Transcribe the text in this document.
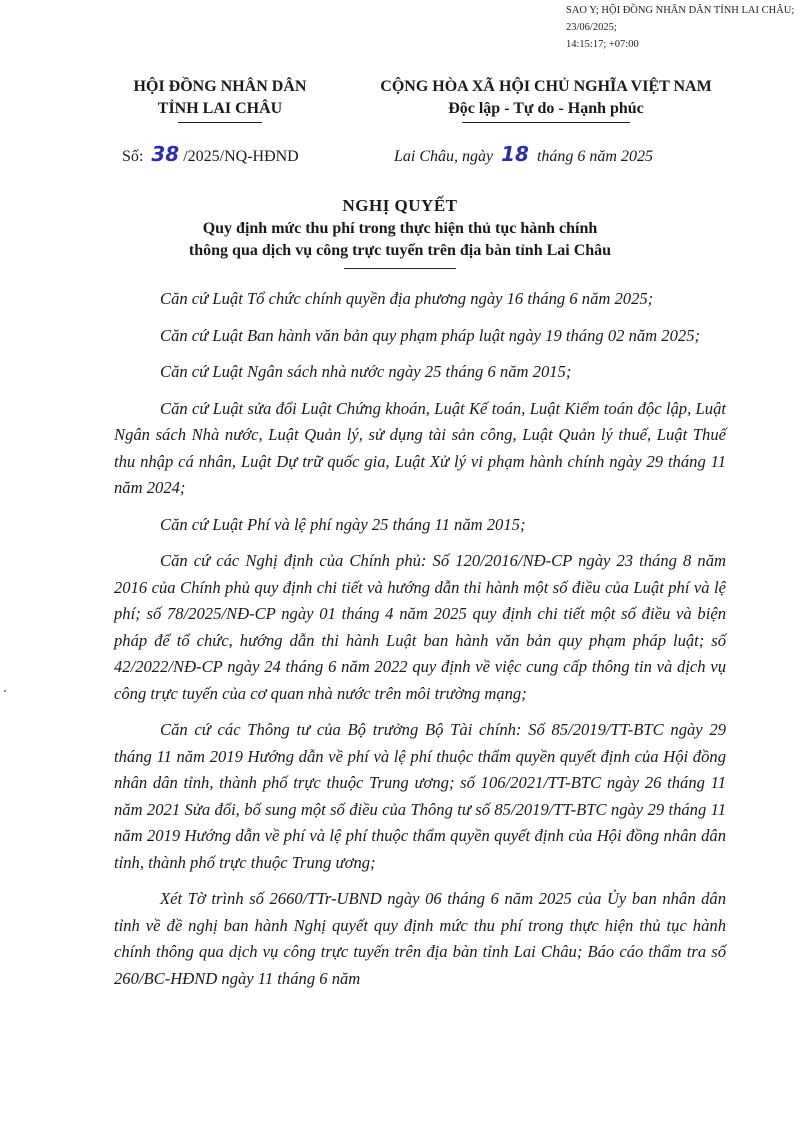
SAO Y; HỘI ĐỒNG NHÂN DÂN TỈNH LAI CHÂU; 23/06/2025;
14:15:17; +07:00
HỘI ĐỒNG NHÂN DÂN
TỈNH LAI CHÂU
CỘNG HÒA XÃ HỘI CHỦ NGHĨA VIỆT NAM
Độc lập - Tự do - Hạnh phúc
Số: 38 /2025/NQ-HĐND	Lai Châu, ngày 18 tháng 6 năm 2025
NGHỊ QUYẾT
Quy định mức thu phí trong thực hiện thủ tục hành chính
thông qua dịch vụ công trực tuyến trên địa bàn tỉnh Lai Châu

Căn cứ Luật Tổ chức chính quyền địa phương ngày 16 tháng 6 năm 2025;

Căn cứ Luật Ban hành văn bản quy phạm pháp luật ngày 19 tháng 02 năm 2025;

Căn cứ Luật Ngân sách nhà nước ngày 25 tháng 6 năm 2015;

Căn cứ Luật sửa đổi Luật Chứng khoán, Luật Kế toán, Luật Kiểm toán độc lập, Luật Ngân sách Nhà nước, Luật Quản lý, sử dụng tài sản công, Luật Quản lý thuế, Luật Thuế thu nhập cá nhân, Luật Dự trữ quốc gia, Luật Xử lý vi phạm hành chính ngày 29 tháng 11 năm 2024;

Căn cứ Luật Phí và lệ phí ngày 25 tháng 11 năm 2015;

Căn cứ các Nghị định của Chính phủ: Số 120/2016/NĐ-CP ngày 23 tháng 8 năm 2016 của Chính phủ quy định chi tiết và hướng dẫn thi hành một số điều của Luật phí và lệ phí; số 78/2025/NĐ-CP ngày 01 tháng 4 năm 2025 quy định chi tiết một số điều và biện pháp để tổ chức, hướng dẫn thi hành Luật ban hành văn bản quy phạm pháp luật; số 42/2022/NĐ-CP ngày 24 tháng 6 năm 2022 quy định về việc cung cấp thông tin và dịch vụ công trực tuyến của cơ quan nhà nước trên môi trường mạng;

Căn cứ các Thông tư của Bộ trưởng Bộ Tài chính: Số 85/2019/TT-BTC ngày 29 tháng 11 năm 2019 Hướng dẫn về phí và lệ phí thuộc thẩm quyền quyết định của Hội đồng nhân dân tỉnh, thành phố trực thuộc Trung ương; số 106/2021/TT-BTC ngày 26 tháng 11 năm 2021 Sửa đổi, bổ sung một số điều của Thông tư số 85/2019/TT-BTC ngày 29 tháng 11 năm 2019 Hướng dẫn về phí và lệ phí thuộc thẩm quyền quyết định của Hội đồng nhân dân tỉnh, thành phố trực thuộc Trung ương;

Xét Tờ trình số 2660/TTr-UBND ngày 06 tháng 6 năm 2025 của Ủy ban nhân dân tỉnh về đề nghị ban hành Nghị quyết quy định mức thu phí trong thực hiện thủ tục hành chính thông qua dịch vụ công trực tuyến trên địa bàn tỉnh Lai Châu; Báo cáo thẩm tra số 260/BC-HĐND ngày 11 tháng 6 năm
